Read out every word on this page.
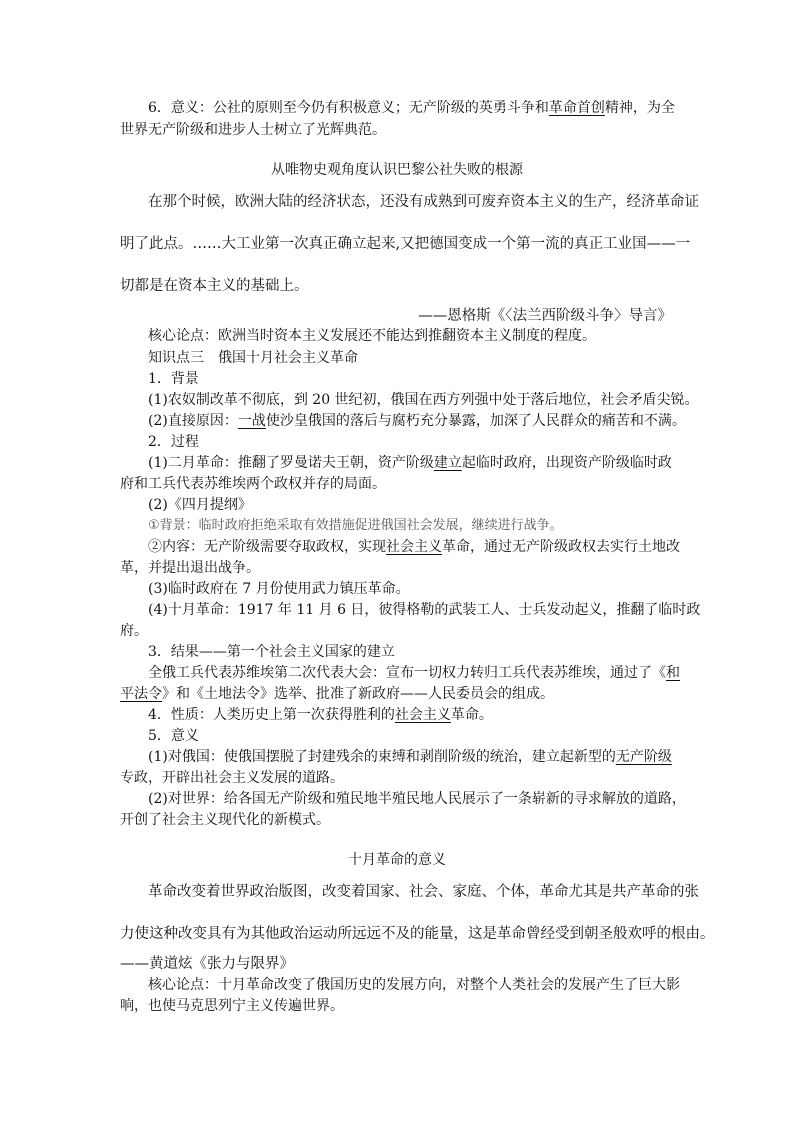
6．意义：公社的原则至今仍有积极意义；无产阶级的英勇斗争和革命首创精神，为全
世界无产阶级和进步人士树立了光辉典范。
从唯物史观角度认识巴黎公社失败的根源
在那个时候，欧洲大陆的经济状态，还没有成熟到可废弃资本主义的生产，经济革命证
明了此点。……大工业第一次真正确立起来,又把德国变成一个第一流的真正工业国——一
切都是在资本主义的基础上。
——恩格斯《〈法兰西阶级斗争〉导言》
核心论点：欧洲当时资本主义发展还不能达到推翻资本主义制度的程度。
知识点三　俄国十月社会主义革命
1．背景
(1)农奴制改革不彻底，到 20 世纪初，俄国在西方列强中处于落后地位，社会矛盾尖锐。
(2)直接原因：一战使沙皇俄国的落后与腐朽充分暴露，加深了人民群众的痛苦和不满。
2．过程
(1)二月革命：推翻了罗曼诺夫王朝，资产阶级建立起临时政府，出现资产阶级临时政
府和工兵代表苏维埃两个政权并存的局面。
(2)《四月提纲》
①背景：临时政府拒绝采取有效措施促进俄国社会发展，继续进行战争。
②内容：无产阶级需要夺取政权，实现社会主义革命，通过无产阶级政权去实行土地改
革，并提出退出战争。
(3)临时政府在 7 月份使用武力镇压革命。
(4)十月革命：1917 年 11 月 6 日，彼得格勒的武装工人、士兵发动起义，推翻了临时政
府。
3．结果——第一个社会主义国家的建立
全俄工兵代表苏维埃第二次代表大会：宣布一切权力转归工兵代表苏维埃，通过了《和
平法令》和《土地法令》选举、批准了新政府——人民委员会的组成。
4．性质：人类历史上第一次获得胜利的社会主义革命。
5．意义
(1)对俄国：使俄国摆脱了封建残余的束缚和剥削阶级的统治，建立起新型的无产阶级
专政，开辟出社会主义发展的道路。
(2)对世界：给各国无产阶级和殖民地半殖民地人民展示了一条崭新的寻求解放的道路，
开创了社会主义现代化的新模式。
十月革命的意义
革命改变着世界政治版图，改变着国家、社会、家庭、个体，革命尤其是共产革命的张
力使这种改变具有为其他政治运动所远远不及的能量，这是革命曾经受到朝圣般欢呼的根由。
——黄道炫《张力与限界》
核心论点：十月革命改变了俄国历史的发展方向，对整个人类社会的发展产生了巨大影
响，也使马克思列宁主义传遍世界。
